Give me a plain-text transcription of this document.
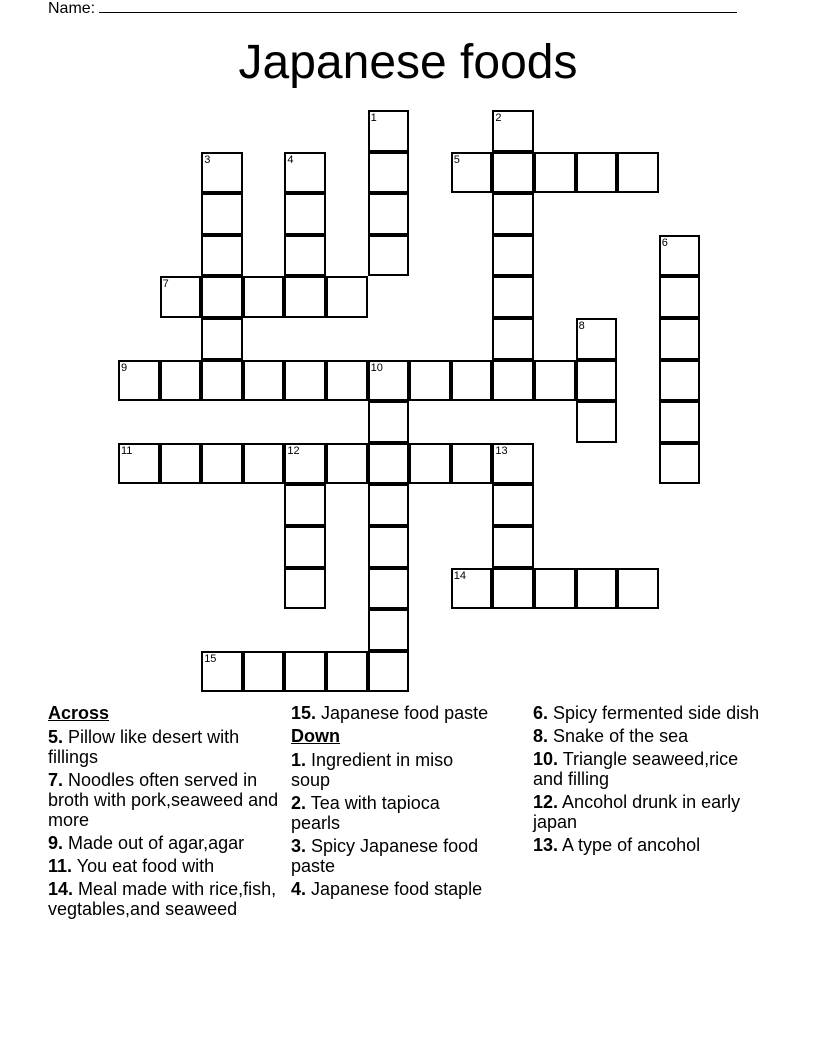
Name:
Japanese foods
1	2
3	4	5
6
7
8
9	10
11	12	13
14
15
Across
5. Pillow like desert with fillings
7. Noodles often served in broth with pork,seaweed and more
9. Made out of agar,agar
11. You eat food with
14. Meal made with rice,fish, vegtables,and seaweed
15. Japanese food paste
Down
1. Ingredient in miso soup
2. Tea with tapioca pearls
3. Spicy Japanese food paste
4. Japanese food staple
6. Spicy fermented side dish
8. Snake of the sea
10. Triangle seaweed,rice and filling
12. Ancohol drunk in early japan
13. A type of ancohol
